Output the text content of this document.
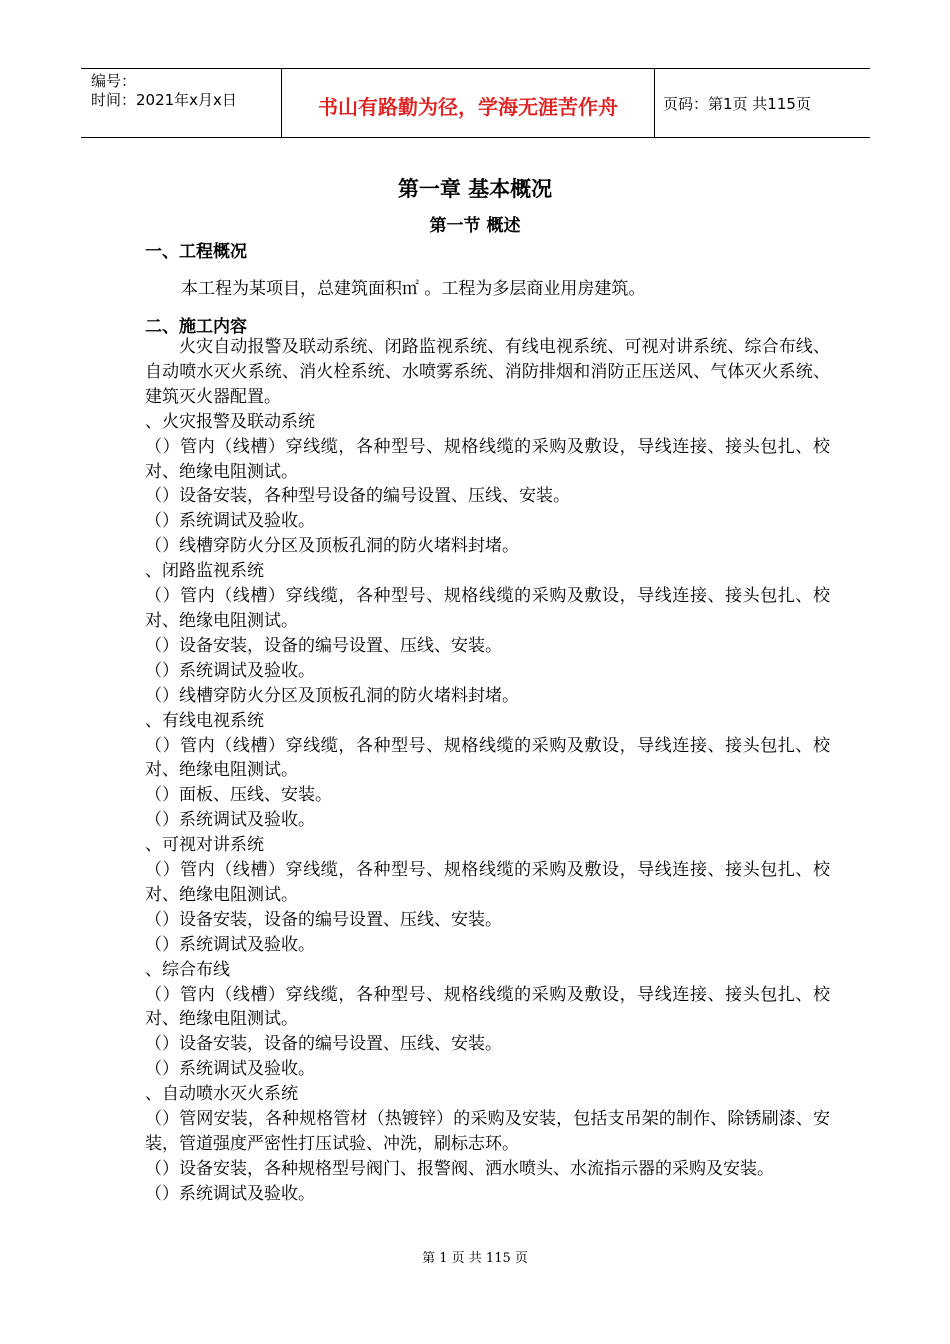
编号：
时间：2021年x月x日	书山有路勤为径，学海无涯苦作舟	页码：第1页 共115页
第一章 基本概况
第一节 概述
一、工程概况
本工程为某项目，总建筑面积㎡ 。工程为多层商业用房建筑。
二、施工内容

火灾自动报警及联动系统、闭路监视系统、有线电视系统、可视对讲系统、综合布线、自动喷水灭火系统、消火栓系统、水喷雾系统、消防排烟和消防正压送风、气体灭火系统、建筑灭火器配置。

、火灾报警及联动系统

（）管内（线槽）穿线缆，各种型号、规格线缆的采购及敷设，导线连接、接头包扎、校对、绝缘电阻测试。

（）设备安装，各种型号设备的编号设置、压线、安装。

（）系统调试及验收。

（）线槽穿防火分区及顶板孔洞的防火堵料封堵。

、闭路监视系统

（）管内（线槽）穿线缆，各种型号、规格线缆的采购及敷设，导线连接、接头包扎、校对、绝缘电阻测试。

（）设备安装，设备的编号设置、压线、安装。

（）系统调试及验收。

（）线槽穿防火分区及顶板孔洞的防火堵料封堵。

、有线电视系统

（）管内（线槽）穿线缆，各种型号、规格线缆的采购及敷设，导线连接、接头包扎、校对、绝缘电阻测试。

（）面板、压线、安装。

（）系统调试及验收。

、可视对讲系统

（）管内（线槽）穿线缆，各种型号、规格线缆的采购及敷设，导线连接、接头包扎、校对、绝缘电阻测试。

（）设备安装，设备的编号设置、压线、安装。

（）系统调试及验收。

、综合布线

（）管内（线槽）穿线缆，各种型号、规格线缆的采购及敷设，导线连接、接头包扎、校对、绝缘电阻测试。

（）设备安装，设备的编号设置、压线、安装。

（）系统调试及验收。

、自动喷水灭火系统

（）管网安装，各种规格管材（热镀锌）的采购及安装，包括支吊架的制作、除锈刷漆、安装，管道强度严密性打压试验、冲洗，刷标志环。

（）设备安装，各种规格型号阀门、报警阀、洒水喷头、水流指示器的采购及安装。

（）系统调试及验收。

第 1 页 共 115 页
